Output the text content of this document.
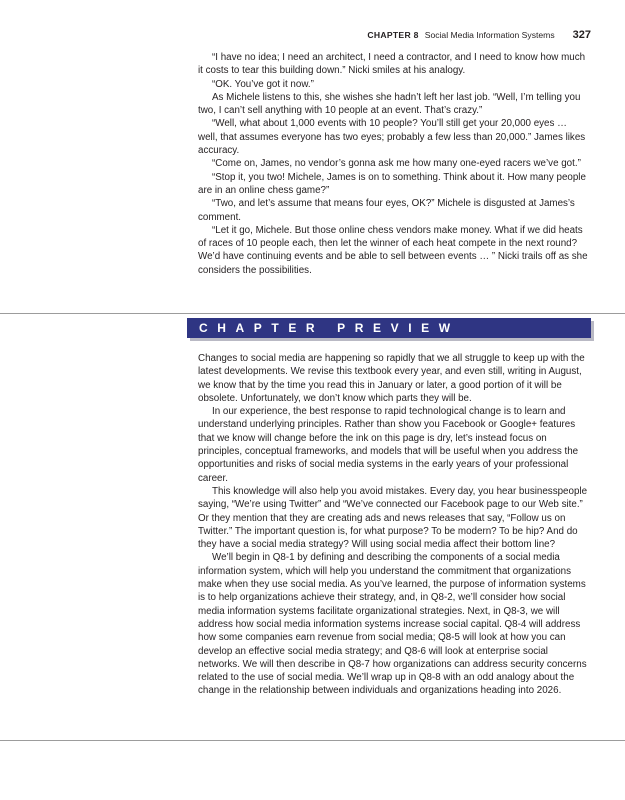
CHAPTER 8 Social Media Information Systems 327

“I have no idea; I need an architect, I need a contractor, and I need to know how much it costs to tear this building down.” Nicki smiles at his analogy.

“OK. You’ve got it now.”

As Michele listens to this, she wishes she hadn’t left her last job. “Well, I’m telling you two, I can’t sell anything with 10 people at an event. That’s crazy.”

“Well, what about 1,000 events with 10 people? You’ll still get your 20,000 eyes … well, that assumes everyone has two eyes; probably a few less than 20,000.” James likes accuracy.

“Come on, James, no vendor’s gonna ask me how many one-eyed racers we’ve got.”

“Stop it, you two! Michele, James is on to something. Think about it. How many people are in an online chess game?”

“Two, and let’s assume that means four eyes, OK?” Michele is disgusted at James’s comment.

“Let it go, Michele. But those online chess vendors make money. What if we did heats of races of 10 people each, then let the winner of each heat compete in the next round? We’d have continuing events and be able to sell between events … ” Nicki trails off as she considers the possibilities.

CHAPTER PREVIEW

Changes to social media are happening so rapidly that we all struggle to keep up with the latest developments. We revise this textbook every year, and even still, writing in August, we know that by the time you read this in January or later, a good portion of it will be obsolete. Unfortunately, we don’t know which parts they will be.

In our experience, the best response to rapid technological change is to learn and understand underlying principles. Rather than show you Facebook or Google+ features that we know will change before the ink on this page is dry, let’s instead focus on principles, conceptual frameworks, and models that will be useful when you address the opportunities and risks of social media systems in the early years of your professional career.

This knowledge will also help you avoid mistakes. Every day, you hear businesspeople saying, “We’re using Twitter” and “We’ve connected our Facebook page to our Web site.” Or they mention that they are creating ads and news releases that say, “Follow us on Twitter.” The important question is, for what purpose? To be modern? To be hip? And do they have a social media strategy? Will using social media affect their bottom line?

We’ll begin in Q8-1 by defining and describing the components of a social media information system, which will help you understand the commitment that organizations make when they use social media. As you’ve learned, the purpose of information systems is to help organizations achieve their strategy, and, in Q8-2, we’ll consider how social media information systems facilitate organizational strategies. Next, in Q8-3, we will address how social media information systems increase social capital. Q8-4 will address how some companies earn revenue from social media; Q8-5 will look at how you can develop an effective social media strategy; and Q8-6 will look at enterprise social networks. We will then describe in Q8-7 how organizations can address security concerns related to the use of social media. We’ll wrap up in Q8-8 with an odd analogy about the change in the relationship between individuals and organizations heading into 2026.
